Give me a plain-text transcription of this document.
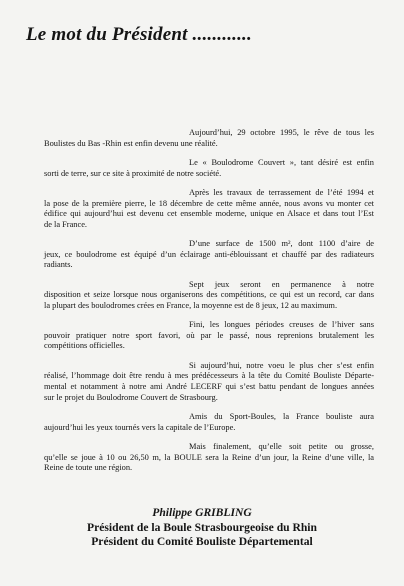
Le mot du Président ............
Aujourd’hui, 29 octobre 1995, le rêve de tous les
Boulistes du Bas -Rhin est enfin devenu une réalité.
Le « Boulodrome Couvert », tant désiré est enfin
sorti de terre, sur ce site à proximité de notre société.
Après les travaux de terrassement de l’été 1994 et
la pose de la première pierre, le 18 décembre de cette même année, nous avons vu monter cet
édifice qui aujourd’hui est devenu cet ensemble moderne, unique en Alsace et dans tout l’Est
de la France.
D’une surface de 1500 m², dont 1100 d’aire de
jeux, ce boulodrome est équipé d’un éclairage anti-éblouissant et chauffé par des radiateurs
radiants.
Sept jeux seront en permanence à notre
disposition et seize lorsque nous organiserons des compétitions, ce qui est un record, car dans
la plupart des boulodromes crées en France, la moyenne est de 8 jeux, 12 au maximum.
Fini, les longues périodes creuses de l’hiver sans
pouvoir pratiquer notre sport favori, où par le passé, nous reprenions brutalement les
compétitions officielles.
Si aujourd’hui, notre voeu le plus cher s’est enfin
réalisé, l’hommage doit être rendu à mes prédécesseurs à la tête du Comité Bouliste Départe-
mental et notamment à notre ami André LECERF qui s’est battu pendant de longues années
sur le projet du Boulodrome Couvert de Strasbourg.
Amis du Sport-Boules, la France bouliste aura
aujourd’hui les yeux tournés vers la capitale de l’Europe.
Mais finalement, qu’elle soit petite ou grosse,
qu’elle se joue à 10 ou 26,50 m, la BOULE sera la Reine d’un jour, la Reine d’une ville, la
Reine de toute une région.
Philippe GRIBLING
Président de la Boule Strasbourgeoise du Rhin
Président du Comité Bouliste Départemental
